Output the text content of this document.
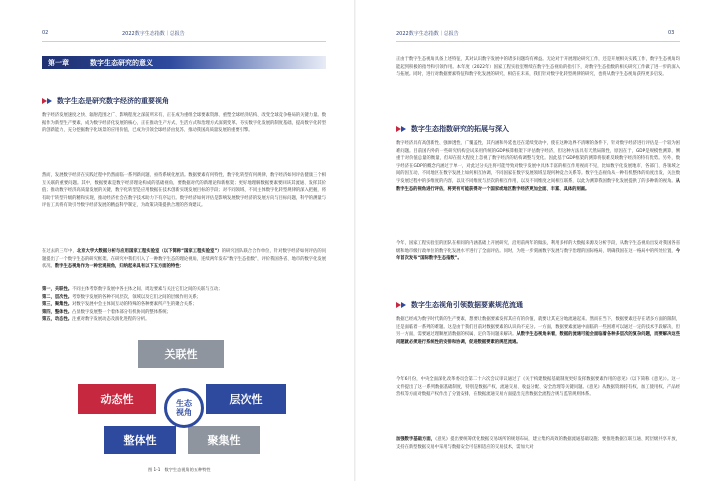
02	2022数字生态指数｜总报告
第一章	数字生态研究的意义
数字生态是研究数字经济的重要视角
数字经济发展速度之快、辐射范围之广、影响程度之深前所未有，正在成为重组全球要素资源、重塑全球经济结构、改变全球竞争格局的关键力量。数据作为新型生产要素，成为数字经济化发展的核心，正在推动生产方式、生活方式和治理方式深刻变革。夯实数字化发展的制度基础，提高数字化转型的创新能力，充分挖掘数字化场景的应用价值，已成为引领全球经济由复苏、推动我国高质量发展的重要引擎。
然而，发展数字经济在实践过程中仍然面临一系列新问题、亟待系统化厘清。数据要素有何特性，数字化转型有何规律，数字经济如何评估健康三个相互关联的重要问题。其中，数据要素是数字经济理论构成的基础视角，要数据对代的新理论和新框架；更好地理解数据要素要回该其流通、发挥其价值；推动数字经济高质量发展的关键，数字化转型是应用数据在技术创新实现发展目标的手段；对不同领域、不同主体数字化转型规律的深入把握，将有助于转型升级的精和实现，推动经济社会在数字技术助力下有序运行。数字经济如何评估是影响发展数字经济的发展方向与目标问题，科学的测量与评估工具将有效引导数字经济发展的精益科学制定，为政策决策提供合理的咨询建议。
在过去的三年中，北京大学大数据分析与应用国家工程实验室（以下简称“国家工程实验室”）的研究团队联合合作单位，针对数字经济如何评估的问题提出了一个数字生态的研究框架。在研究中我们引入了一种数字生态的理论视角，连续两年发布“数字生态指数”，评价我国各省、地市的数字化发展状况。数字生态视角作为一种宏观视角，归纳起来具有以下五方面的特性：
第一，关联性。不同主体考察数字发展中各主体之间、周边要素与关注它们之间的关联与互动；
第二，层次性。考察数字发展的各种不同层次，领域以及它们之间的层级作用关系；
第三，聚集性。对数字发展中会主体间互动的特殊的各种要素所产生的聚合关系；
第四，整体性。凸显数字发展整一个着体部分有机协同的整体系统；
第五，动态性。注重对数字发展动态及演化进程的分析。
关联性
动态性	层次性
整体性	聚集性
生态
视角
图 1-1　数字生态视角的五种特性
2022数字生态指数｜总报告	03
正由于数字生态视角具备上述特征，其对认识数字发展中的诸多问题均有裨益。无论对于开展理论研究工作，还是开展相关实践工作，数字生态视角均能起到积极的指导和引领作用。本年度（2022年）国家工程实验室继续在数字生态视角的指引下，对数字生态指数的相关研究工作做了进一步的深入与拓展。同时，进行对数据要素特征和数字化发展的研究，相信在未来，我们针对数字化转型规律的研究，也将从数字生态视角获得更多启发。
数字生态指数研究的拓展与深入
数字经济具有高创新性、强渗透性、广覆盖性，其内涵和外延也还在延续变动中，使在这种边界不清晰的条件下，针对数字经济进行评估是一个较为困难问题。目前国内外的一些研究机构尝试采用传统的GDP核算框架下评估数字经济，但这种方法具有天然局限性，原因在于，GDP是规模性测算，侧重于对价值总量的衡量，但却在很大程度上忽视了数字经济的结构调整与变化。因此基于GDP框架的测算将很难反映数字经济的特有优势。另外，数字经济在GDP的概念内涵过于单一，对此过分关注将可能导致对数字发展中具体丰富的相互作用视而不见，比如数字化发展地市、各部门、各领域之间的因互动，不同地区在数字发展上如何相互协调，不同国家在数字发展领域呈现何种竞合关系等。数字生态视角从一种有机整体的角度出发，关注数字发展过程中的多维度的内容，以及不同维度与层次的相互作用，以及不同维度之间相互联系，以此为测算我国数字化发展提供了的多种新的视角。从数字生态的视角进行评估，将更有可能获得对一个国家或地区数字经济更加全面、丰富、具体的刻画。
今年，国家工程实验室的团队在相同的内涵基础上开展研究，沿用前两年的做法，利用多样的大数据来源及分析手段，从数字生态视角出发对我国各省级和地市级行政单位的数字化发展水平进行了全面评估。同时，为进一步刻画数字发展与数字治理的国际格局，明确我国在这一格局中的所处位置，今年首次发布“国际数字生态指数”。
数字生态视角引领数据要素规范流通
数据已经成为数字时代新的生产要素，想要让数据要素发挥其应有的价值，就要让其充分地流通起来。然而在当下，数据要素还存在诸多方面的限制，还是面临着一系列的难题。这是由于我们目前对数据要素的认识尚不充分。一方面，数据要素流通中面临的一些困难可以通过一定的技术手段解决，但另一方面，需要通过理顺厘清数据的权属、定价等问题来解决。从数字生态视角来看，数据的流通可能会面临着各种多层次的复杂问题，而要解决这些问题就必须进行系统性的安排和协调，促进数据要素的规范流通。
今年6月份，中央全面深化改革委员会第二十六次会议审议通过了《关于构建数据基础制度更好发挥数据要素作用的意见》（以下简称《意见》）。这一文件提出了这一系列数据基础制度，特别是数据产权、流通交易、收益分配、安全治理等关键问题。《意见》从数据资源持有权、加工使用权、产品经营权等方面对数据产权作出了分置安排，在数据流通交易方面提出完善数据全流程合规与监管规则体系。
加强数字基础方面，《意见》提出要统筹优化数据交易场所的规划布局，建立集约高效的数据流通基础设施；要推进数据互联互通、跨层级共享开放，支持在新型数据交易中采用与数据安全可信相适应的交易技术，需加大对
